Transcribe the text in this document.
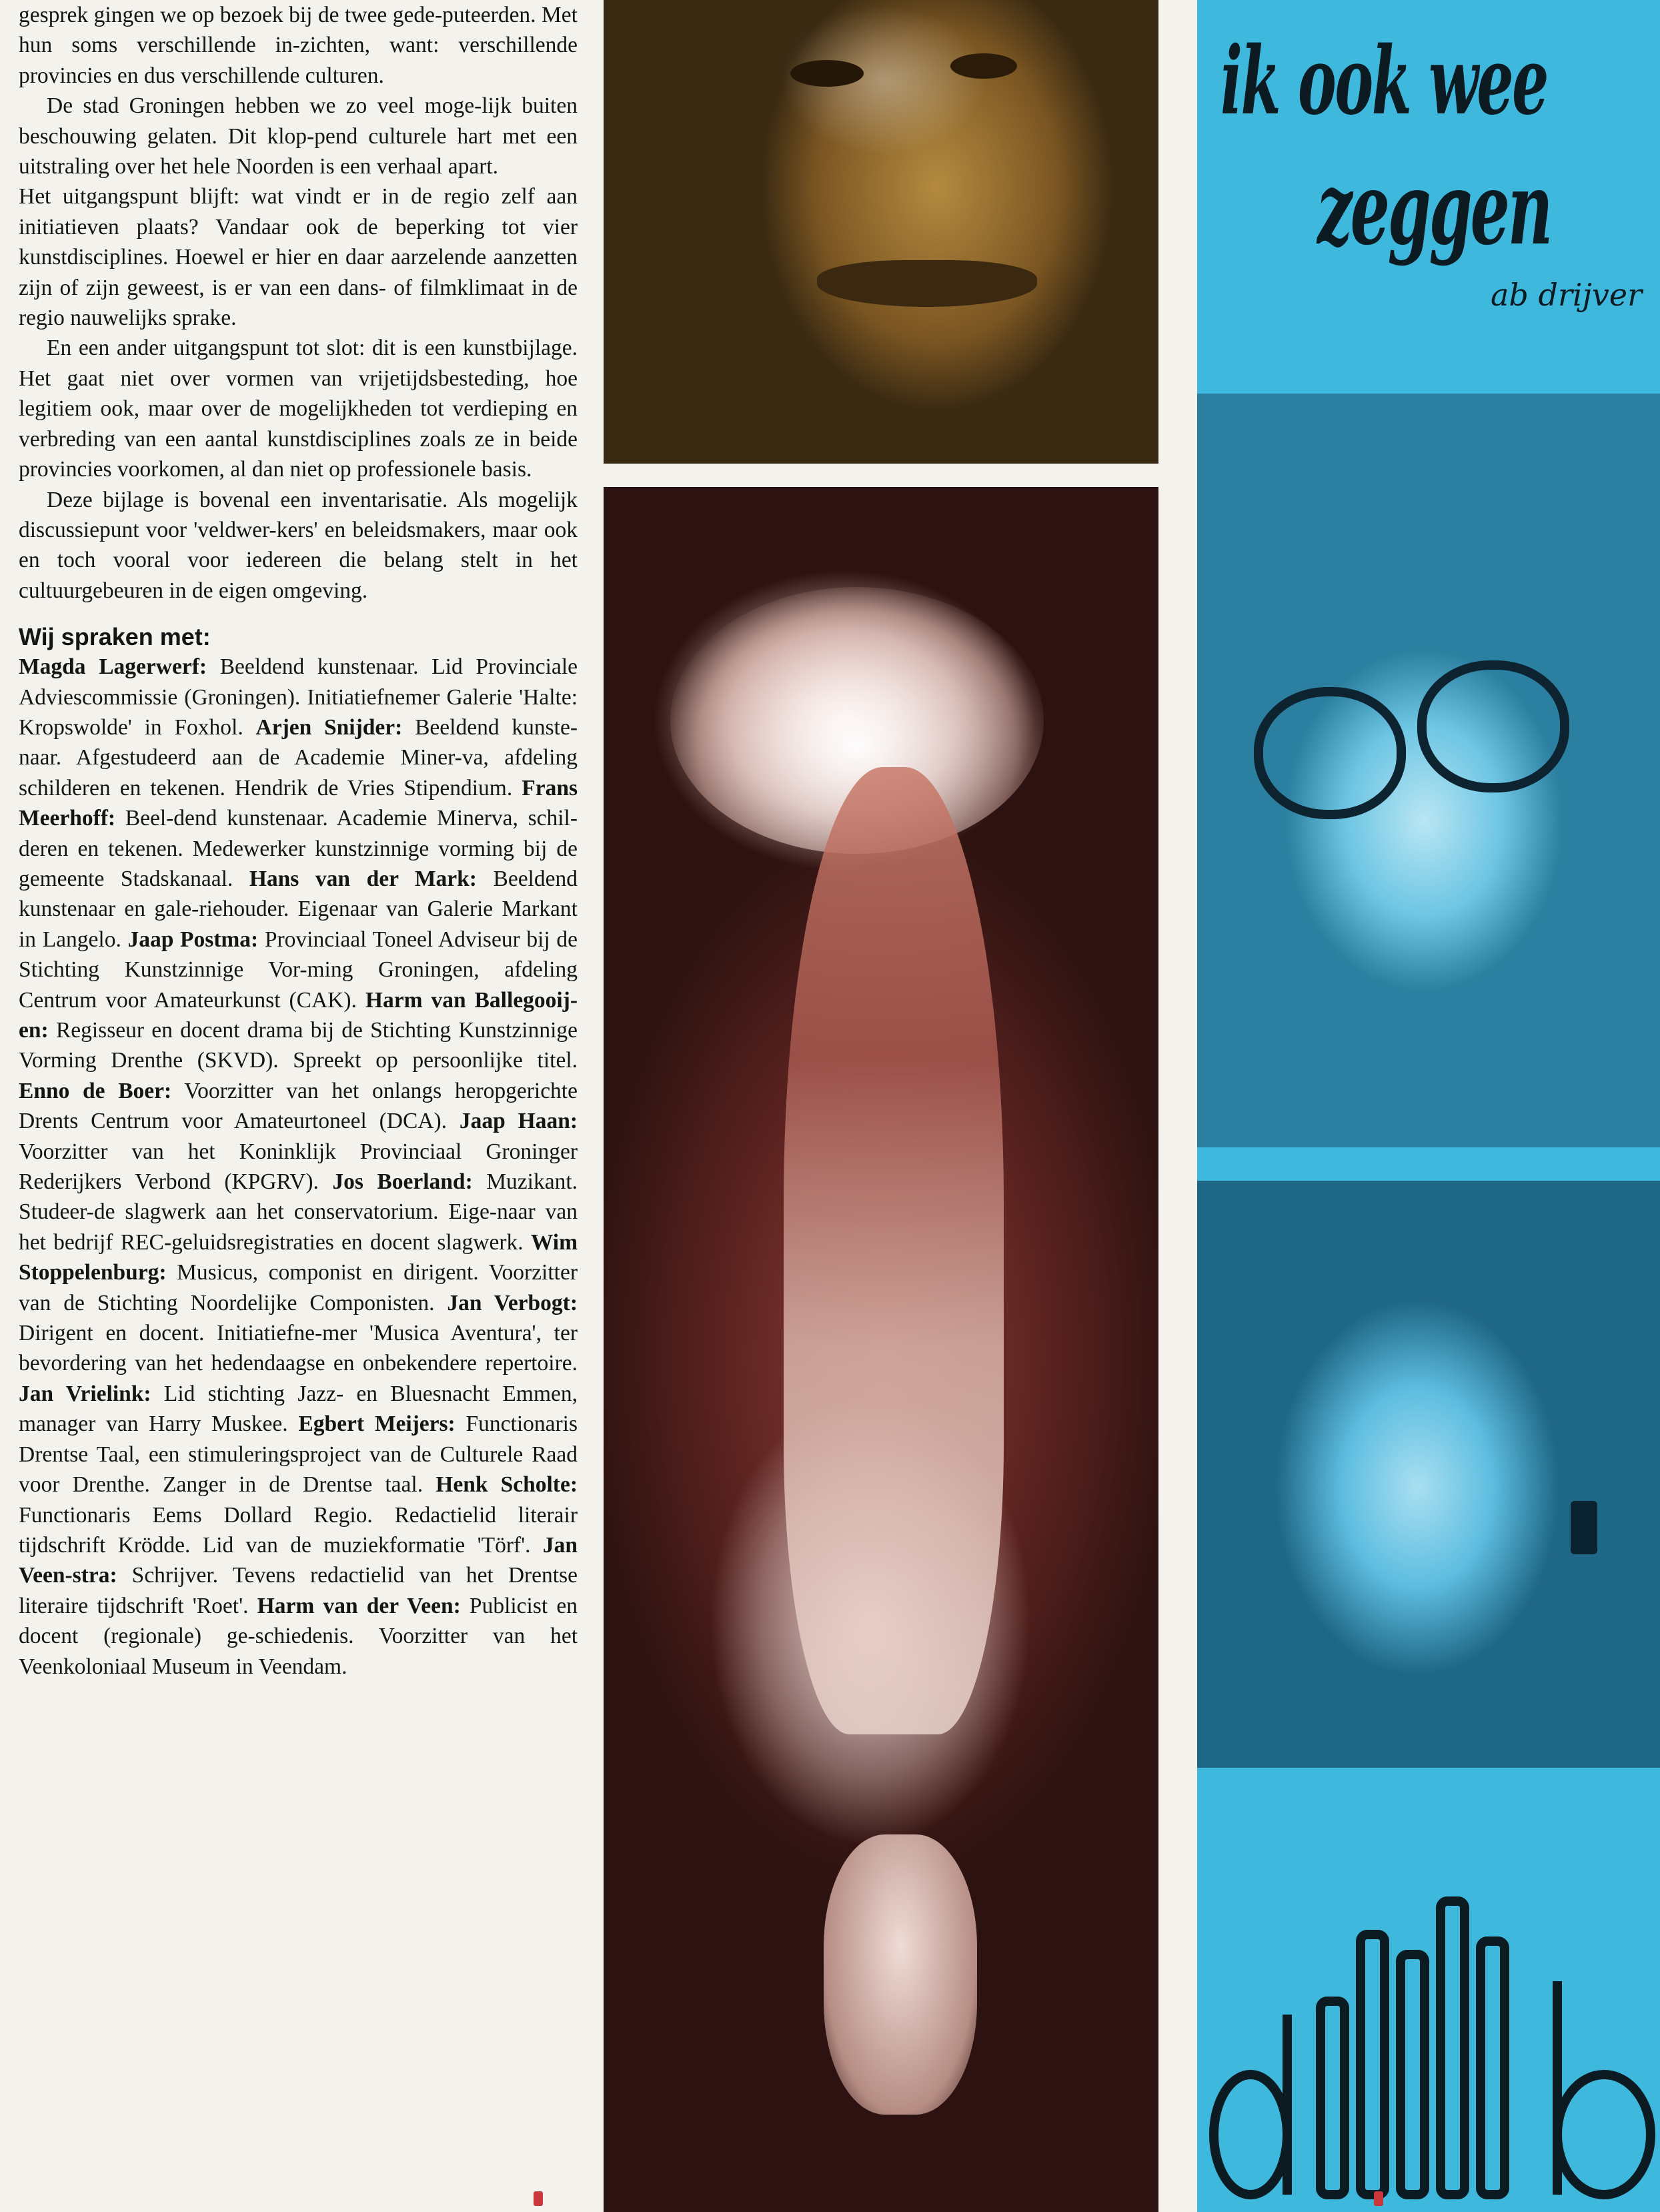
gesprek gingen we op bezoek bij de twee gede-puteerden. Met hun soms verschillende in-zichten, want: verschillende provincies en dus verschillende culturen.

De stad Groningen hebben we zo veel moge-lijk buiten beschouwing gelaten. Dit klop-pend culturele hart met een uitstraling over het hele Noorden is een verhaal apart.

Het uitgangspunt blijft: wat vindt er in de regio zelf aan initiatieven plaats? Vandaar ook de beperking tot vier kunstdisciplines. Hoewel er hier en daar aarzelende aanzetten zijn of zijn geweest, is er van een dans- of filmklimaat in de regio nauwelijks sprake.

En een ander uitgangspunt tot slot: dit is een kunstbijlage. Het gaat niet over vormen van vrijetijdsbesteding, hoe legitiem ook, maar over de mogelijkheden tot verdieping en verbreding van een aantal kunstdisciplines zoals ze in beide provincies voorkomen, al dan niet op professionele basis.

Deze bijlage is bovenal een inventarisatie. Als mogelijk discussiepunt voor 'veldwer-kers' en beleidsmakers, maar ook en toch vooral voor iedereen die belang stelt in het cultuurgebeuren in de eigen omgeving.

Wij spraken met:

Magda Lagerwerf: Beeldend kunstenaar. Lid Provinciale Adviescommissie (Groningen). Initiatiefnemer Galerie 'Halte: Kropswolde' in Foxhol. Arjen Snijder: Beeldend kunste-naar. Afgestudeerd aan de Academie Miner-va, afdeling schilderen en tekenen. Hendrik de Vries Stipendium. Frans Meerhoff: Beel-dend kunstenaar. Academie Minerva, schil-deren en tekenen. Medewerker kunstzinnige vorming bij de gemeente Stadskanaal. Hans van der Mark: Beeldend kunstenaar en gale-riehouder. Eigenaar van Galerie Markant in Langelo. Jaap Postma: Provinciaal Toneel Adviseur bij de Stichting Kunstzinnige Vor-ming Groningen, afdeling Centrum voor Amateurkunst (CAK). Harm van Ballegooij-en: Regisseur en docent drama bij de Stichting Kunstzinnige Vorming Drenthe (SKVD). Spreekt op persoonlijke titel. Enno de Boer: Voorzitter van het onlangs heropgerichte Drents Centrum voor Amateurtoneel (DCA). Jaap Haan: Voorzitter van het Koninklijk Provinciaal Groninger Rederijkers Verbond (KPGRV). Jos Boerland: Muzikant. Studeer-de slagwerk aan het conservatorium. Eige-naar van het bedrijf REC-geluidsregistraties en docent slagwerk. Wim Stoppelenburg: Musicus, componist en dirigent. Voorzitter van de Stichting Noordelijke Componisten. Jan Verbogt: Dirigent en docent. Initiatiefne-mer 'Musica Aventura', ter bevordering van het hedendaagse en onbekendere repertoire. Jan Vrielink: Lid stichting Jazz- en Bluesnacht Emmen, manager van Harry Muskee. Egbert Meijers: Functionaris Drentse Taal, een stimuleringsproject van de Culturele Raad voor Drenthe. Zanger in de Drentse taal. Henk Scholte: Functionaris Eems Dollard Regio. Redactielid literair tijdschrift Krödde. Lid van de muziekformatie 'Törf'. Jan Veen-stra: Schrijver. Tevens redactielid van het Drentse literaire tijdschrift 'Roet'. Harm van der Veen: Publicist en docent (regionale) ge-schiedenis. Voorzitter van het Veenkoloniaal Museum in Veendam.

ik ook wee
zeggen
ab drijver
